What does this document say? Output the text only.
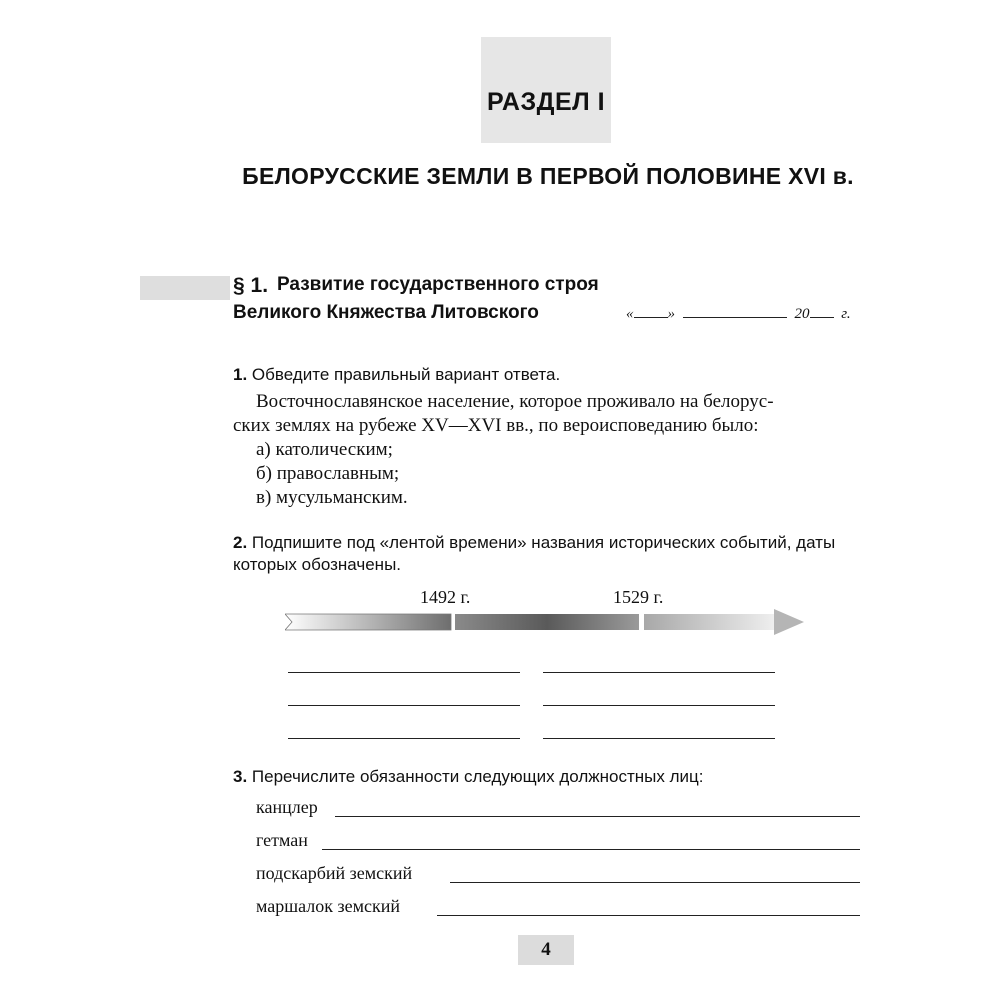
РАЗДЕЛ I
БЕЛОРУССКИЕ ЗЕМЛИ В ПЕРВОЙ ПОЛОВИНЕ XVI в.
§ 1. Развитие государственного строя
Великого Княжества Литовского	« »	20 г.
1. Обведите правильный вариант ответа.
Восточнославянское население, которое проживало на белорус-
ских землях на рубеже XV—XVI вв., по вероисповеданию было:
а) католическим;
б) православным;
в) мусульманским.
2. Подпишите под «лентой времени» названия исторических событий, даты
которых обозначены.
1492 г.	1529 г.
3. Перечислите обязанности следующих должностных лиц:
канцлер
гетман
подскарбий земский
маршалок земский
4
